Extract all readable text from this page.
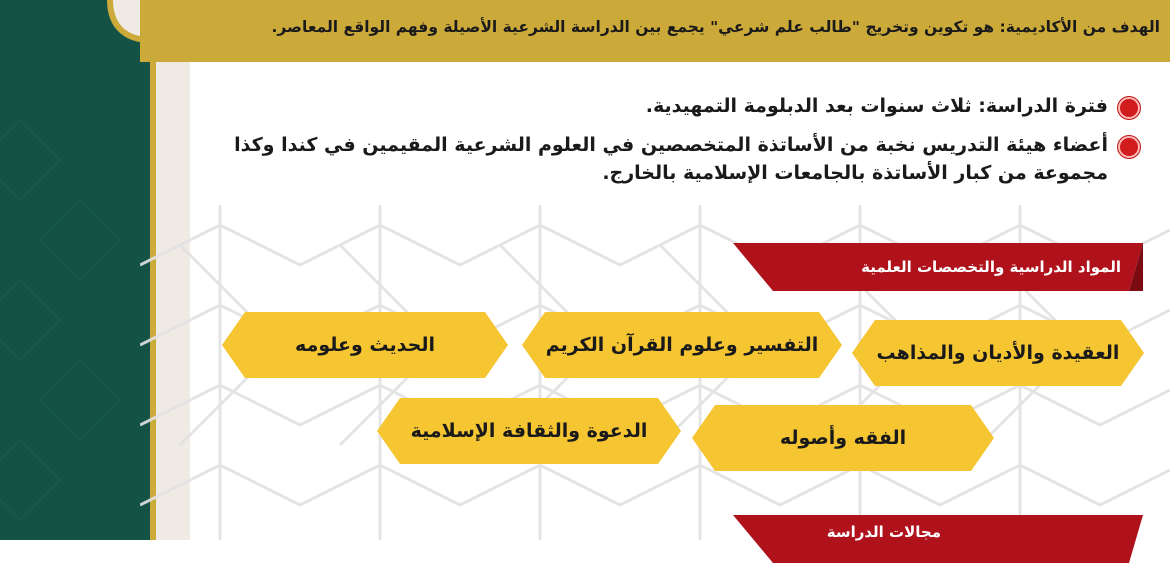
الهدف من الأكاديمية: هو تكوين وتخريج "طالب علم شرعي" يجمع بين الدراسة الشرعية الأصيلة وفهم الواقع المعاصر.
فترة الدراسة: ثلاث سنوات بعد الدبلومة التمهيدية.
أعضاء هيئة التدريس نخبة من الأساتذة المتخصصين في العلوم الشرعية المقيمين في كندا وكذا مجموعة من كبار الأساتذة بالجامعات الإسلامية بالخارج.
المواد الدراسية والتخصصات العلمية
العقيدة والأديان والمذاهب
التفسير وعلوم القرآن الكريم
الحديث وعلومه
الفقه وأصوله
الدعوة والثقافة الإسلامية
مجالات الدراسة
